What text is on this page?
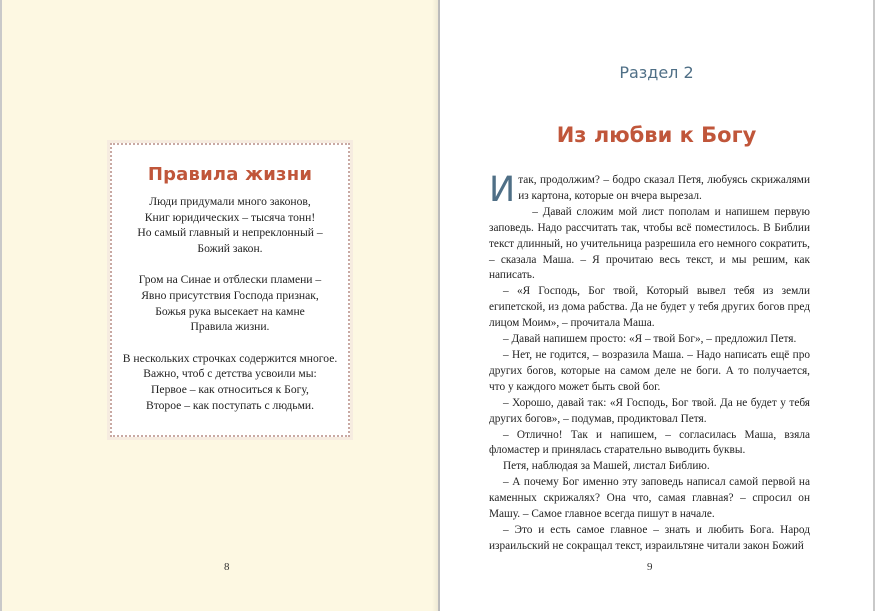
Правила жизни
Люди придумали много законов,
Книг юридических – тысяча тонн!
Но самый главный и непреклонный –
Божий закон.
Гром на Синае и отблески пламени –
Явно присутствия Господа признак,
Божья рука высекает на камне
Правила жизни.
В нескольких строчках содержится многое.
Важно, чтоб с детства усвоили мы:
Первое – как относиться к Богу,
Второе – как поступать с людьми.
8
Раздел 2
Из любви к Богу

Итак, продолжим? – бодро сказал Петя, любуясь скрижалями из картона, которые он вчера вырезал.

– Давай сложим мой лист пополам и напишем первую заповедь. Надо рассчитать так, чтобы всё поместилось. В Библии текст длинный, но учительница разрешила его немного сократить, – сказала Маша. – Я прочитаю весь текст, и мы решим, как написать.

– «Я Господь, Бог твой, Который вывел тебя из земли египетской, из дома рабства. Да не будет у тебя других богов пред лицом Моим», – прочитала Маша.

– Давай напишем просто: «Я – твой Бог», – предложил Петя.

– Нет, не годится, – возразила Маша. – Надо написать ещё про других богов, которые на самом деле не боги. А то получается, что у каждого может быть свой бог.

– Хорошо, давай так: «Я Господь, Бог твой. Да не будет у тебя других богов», – подумав, продиктовал Петя.

– Отлично! Так и напишем, – согласилась Маша, взяла фломастер и принялась старательно выводить буквы.

Петя, наблюдая за Машей, листал Библию.

– А почему Бог именно эту заповедь написал самой первой на каменных скрижалях? Она что, самая главная? – спросил он Машу. – Самое главное всегда пишут в начале.

– Это и есть самое главное – знать и любить Бога. Народ израильский не сокращал текст, израильтяне читали закон Божий

9
